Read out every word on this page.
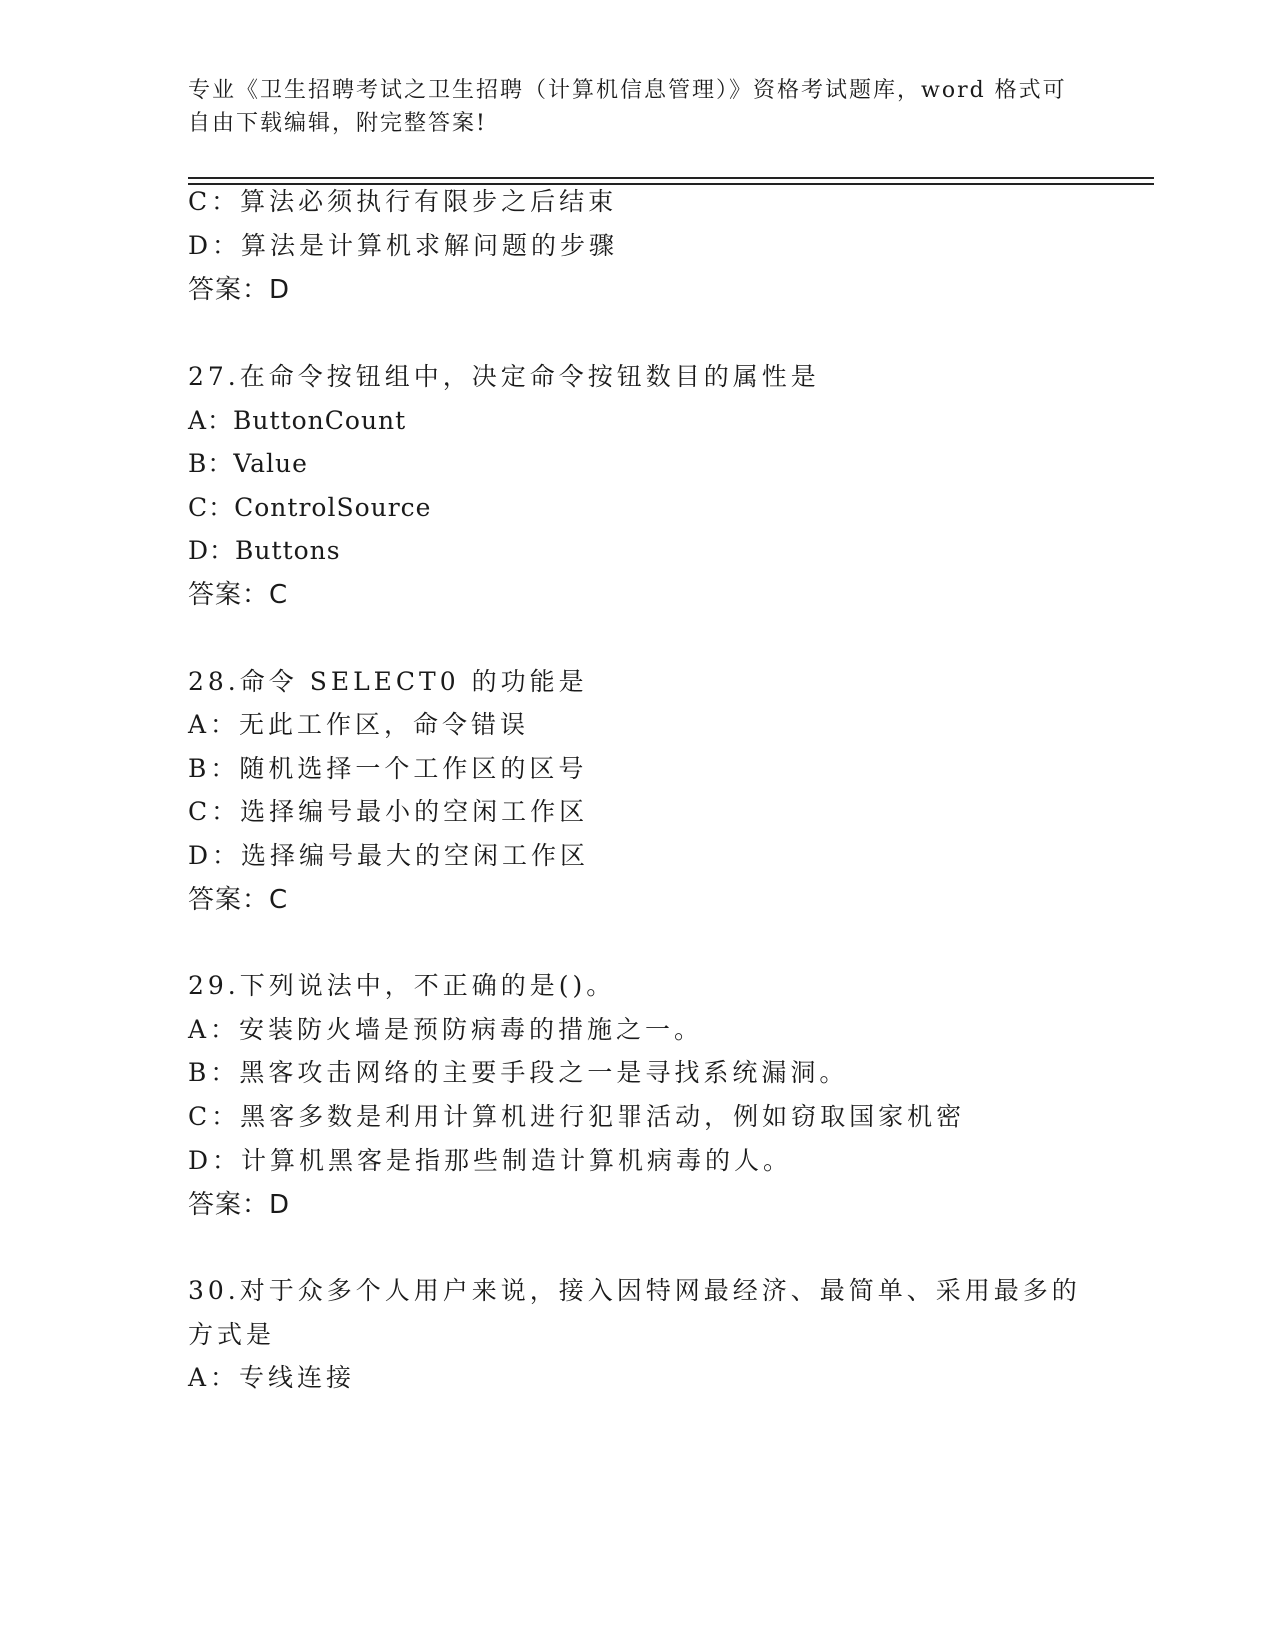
专业《卫生招聘考试之卫生招聘（计算机信息管理）》资格考试题库，word 格式可自由下载编辑，附完整答案!
C：算法必须执行有限步之后结束
D：算法是计算机求解问题的步骤
答案：D
27.在命令按钮组中，决定命令按钮数目的属性是
A：ButtonCount
B：Value
C：ControlSource
D：Buttons
答案：C
28.命令 SELECT0 的功能是
A：无此工作区，命令错误
B：随机选择一个工作区的区号
C：选择编号最小的空闲工作区
D：选择编号最大的空闲工作区
答案：C
29.下列说法中，不正确的是()。
A：安装防火墙是预防病毒的措施之一。
B：黑客攻击网络的主要手段之一是寻找系统漏洞。
C：黑客多数是利用计算机进行犯罪活动，例如窃取国家机密
D：计算机黑客是指那些制造计算机病毒的人。
答案：D
30.对于众多个人用户来说，接入因特网最经济、最简单、采用最多的
方式是
A：专线连接
